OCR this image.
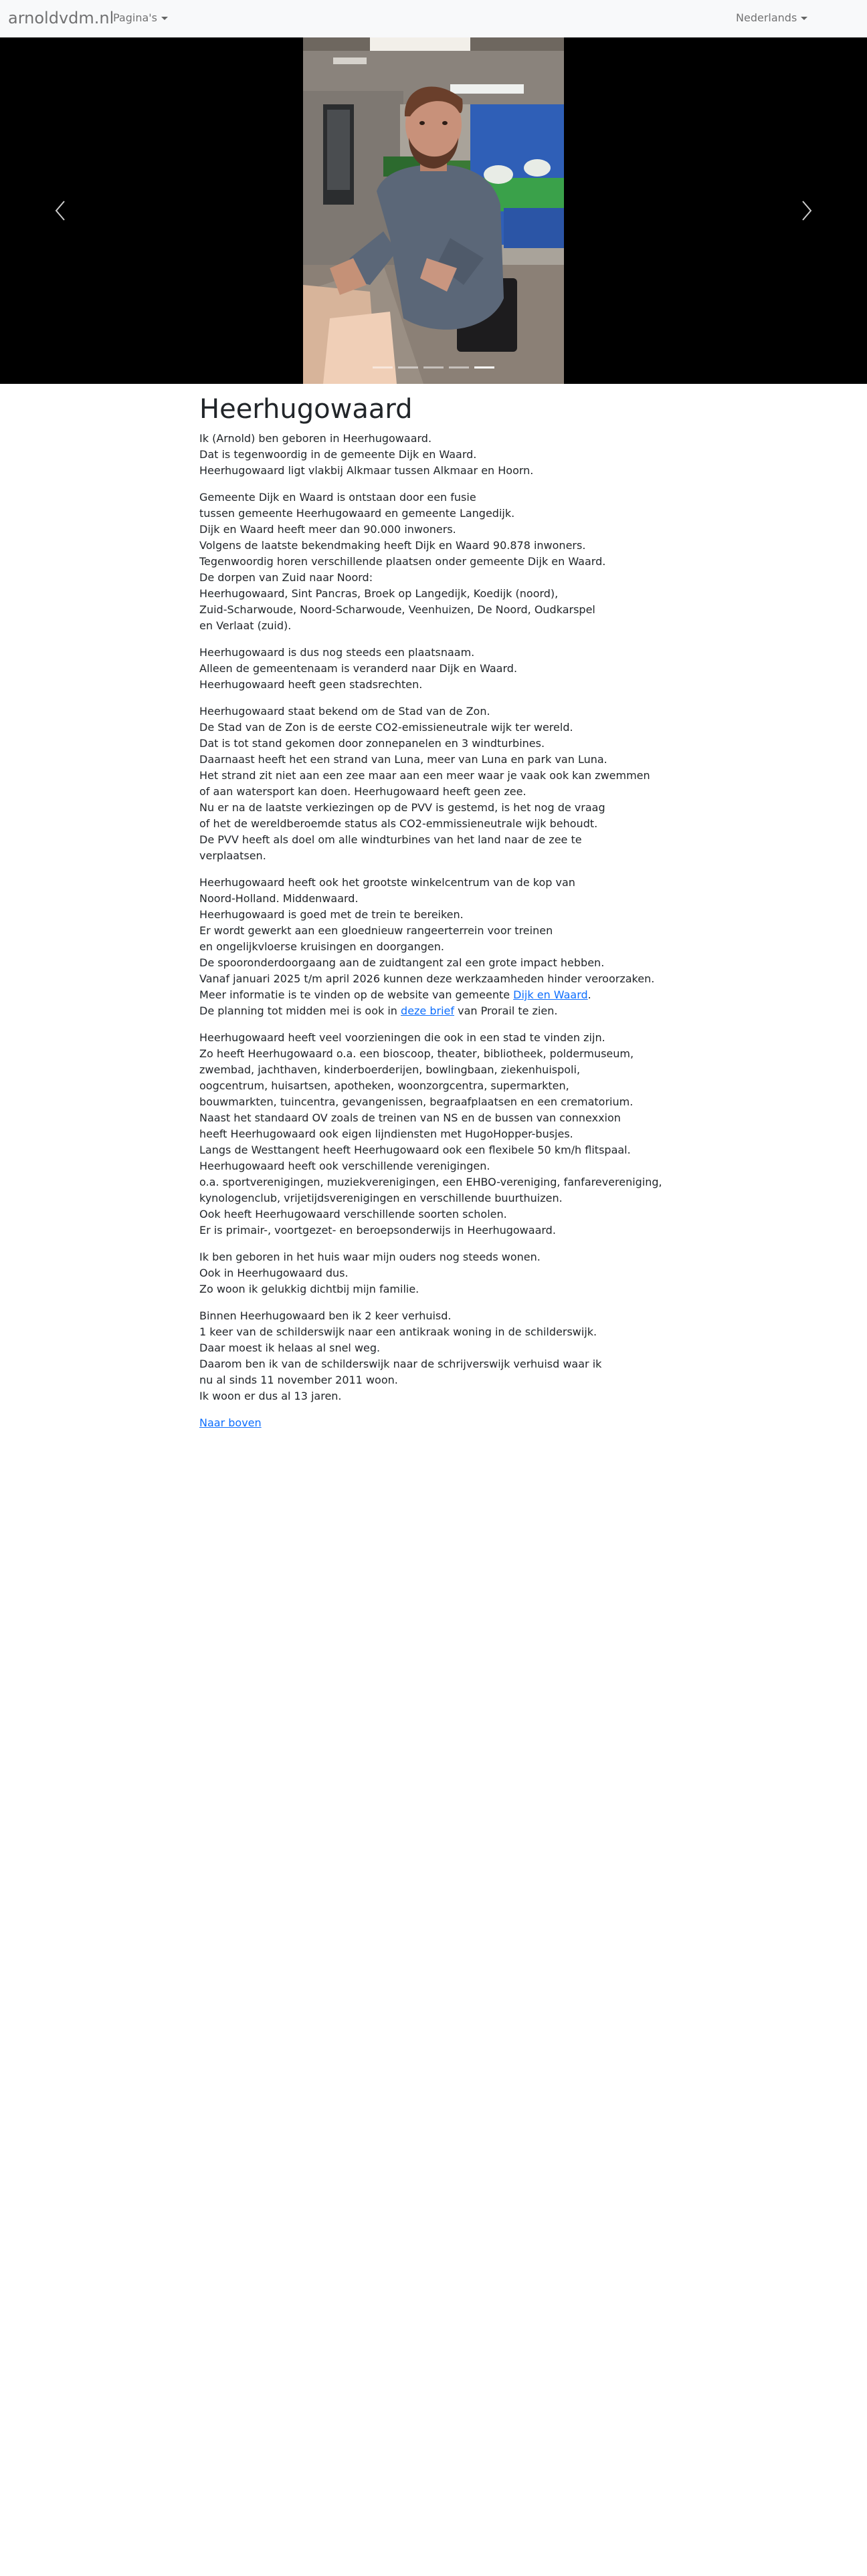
arnoldvdm.nl
Pagina's	Nederlands
Heerhugowaard

Ik (Arnold) ben geboren in Heerhugowaard.
Dat is tegenwoordig in de gemeente Dijk en Waard.
Heerhugowaard ligt vlakbij Alkmaar tussen Alkmaar en Hoorn.

Gemeente Dijk en Waard is ontstaan door een fusie
tussen gemeente Heerhugowaard en gemeente Langedijk.
Dijk en Waard heeft meer dan 90.000 inwoners.
Volgens de laatste bekendmaking heeft Dijk en Waard 90.878 inwoners.
Tegenwoordig horen verschillende plaatsen onder gemeente Dijk en Waard.
De dorpen van Zuid naar Noord:
Heerhugowaard, Sint Pancras, Broek op Langedijk, Koedijk (noord),
Zuid-Scharwoude, Noord-Scharwoude, Veenhuizen, De Noord, Oudkarspel
en Verlaat (zuid).

Heerhugowaard is dus nog steeds een plaatsnaam.
Alleen de gemeentenaam is veranderd naar Dijk en Waard.
Heerhugowaard heeft geen stadsrechten.

Heerhugowaard staat bekend om de Stad van de Zon.
De Stad van de Zon is de eerste CO2-emissieneutrale wijk ter wereld.
Dat is tot stand gekomen door zonnepanelen en 3 windturbines.
Daarnaast heeft het een strand van Luna, meer van Luna en park van Luna.
Het strand zit niet aan een zee maar aan een meer waar je vaak ook kan zwemmen
of aan watersport kan doen. Heerhugowaard heeft geen zee.
Nu er na de laatste verkiezingen op de PVV is gestemd, is het nog de vraag
of het de wereldberoemde status als CO2-emmissieneutrale wijk behoudt.
De PVV heeft als doel om alle windturbines van het land naar de zee te
verplaatsen.

Heerhugowaard heeft ook het grootste winkelcentrum van de kop van
Noord-Holland. Middenwaard.
Heerhugowaard is goed met de trein te bereiken.
Er wordt gewerkt aan een gloednieuw rangeerterrein voor treinen
en ongelijkvloerse kruisingen en doorgangen.
De spooronderdoorgaang aan de zuidtangent zal een grote impact hebben.
Vanaf januari 2025 t/m april 2026 kunnen deze werkzaamheden hinder veroorzaken.
Meer informatie is te vinden op de website van gemeente Dijk en Waard.
De planning tot midden mei is ook in deze brief van Prorail te zien.

Heerhugowaard heeft veel voorzieningen die ook in een stad te vinden zijn.
Zo heeft Heerhugowaard o.a. een bioscoop, theater, bibliotheek, poldermuseum,
zwembad, jachthaven, kinderboerderijen, bowlingbaan, ziekenhuispoli,
oogcentrum, huisartsen, apotheken, woonzorgcentra, supermarkten,
bouwmarkten, tuincentra, gevangenissen, begraafplaatsen en een crematorium.
Naast het standaard OV zoals de treinen van NS en de bussen van connexxion
heeft Heerhugowaard ook eigen lijndiensten met HugoHopper-busjes.
Langs de Westtangent heeft Heerhugowaard ook een flexibele 50 km/h flitspaal.
Heerhugowaard heeft ook verschillende verenigingen.
o.a. sportverenigingen, muziekverenigingen, een EHBO-vereniging, fanfarevereniging,
kynologenclub, vrijetijdsverenigingen en verschillende buurthuizen.
Ook heeft Heerhugowaard verschillende soorten scholen.
Er is primair-, voortgezet- en beroepsonderwijs in Heerhugowaard.

Ik ben geboren in het huis waar mijn ouders nog steeds wonen.
Ook in Heerhugowaard dus.
Zo woon ik gelukkig dichtbij mijn familie.

Binnen Heerhugowaard ben ik 2 keer verhuisd.
1 keer van de schilderswijk naar een antikraak woning in de schilderswijk.
Daar moest ik helaas al snel weg.
Daarom ben ik van de schilderswijk naar de schrijverswijk verhuisd waar ik
nu al sinds 11 november 2011 woon.
Ik woon er dus al 13 jaren.

Naar boven
